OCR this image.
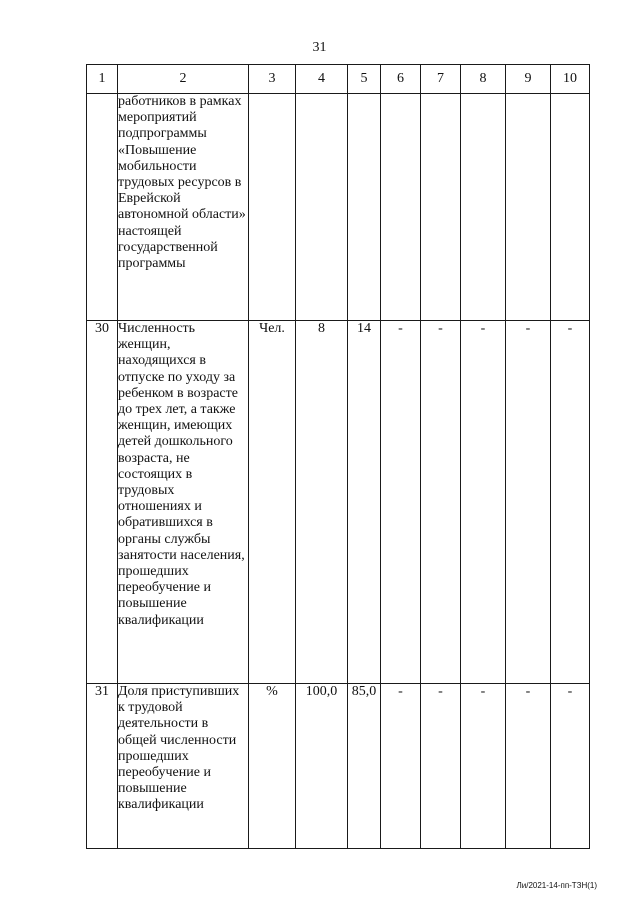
31
1	2	3	4	5	6	7	8	9	10
	работников в рамках мероприятий подпрограммы «Повышение мобильности трудовых ресурсов в Еврейской автономной области» настоящей государственной программы								
30	Численность женщин, находящихся в отпуске по уходу за ребенком в возрасте до трех лет, а также женщин, имеющих детей дошкольного возраста, не состоящих в трудовых отношениях и обратившихся в органы службы занятости населения, прошедших переобучение и повышение квалификации	Чел.	8	14	-	-	-	-	-
31	Доля приступивших к трудовой деятельности в общей численности прошедших переобучение и повышение квалификации	%	100,0	85,0	-	-	-	-	-
Ли/2021-14-пп-ТЗН(1)
